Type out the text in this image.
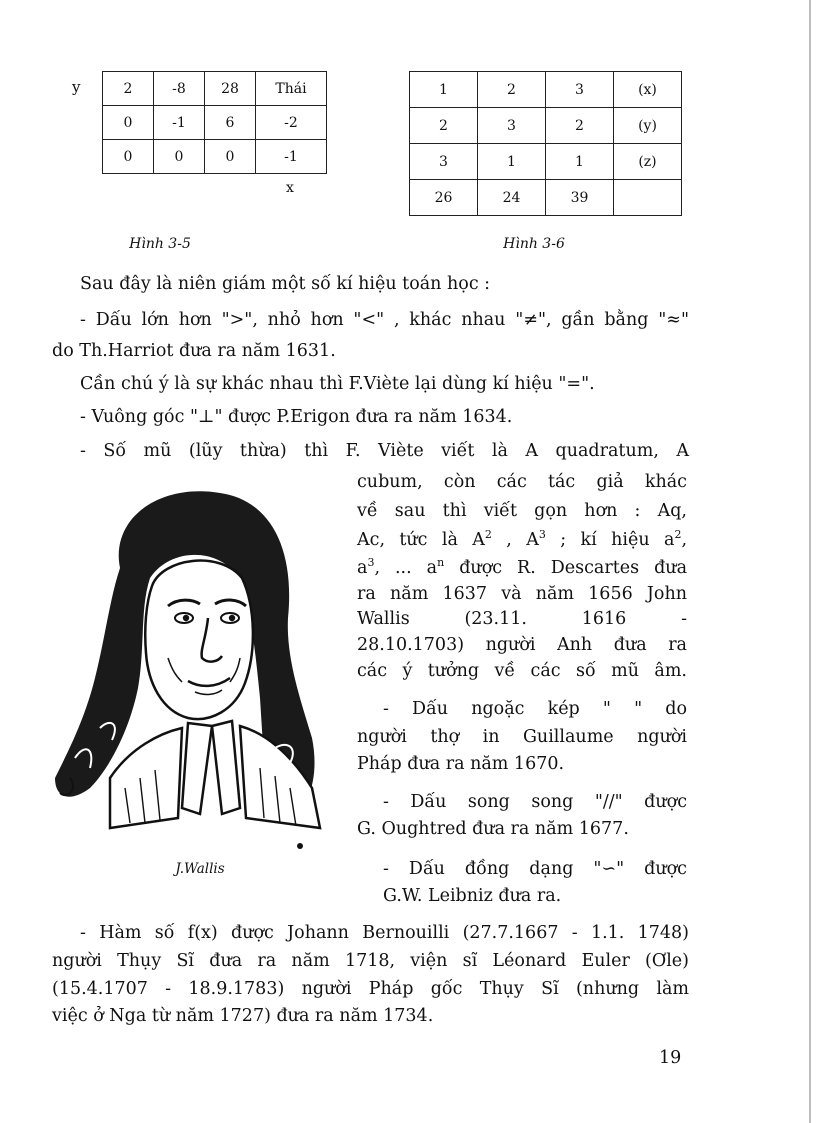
y	2	-8	28	Thái
0	-1	6	-2
0	0	0	-1
x
1	2	3	(x)
2	3	2	(y)
3	1	1	(z)
26	24	39	
Hình 3-5	Hình 3-6
Sau đây là niên giám một số kí hiệu toán học :
- Dấu lớn hơn ">", nhỏ hơn "<" , khác nhau "≠", gần bằng "≈"
do Th.Harriot đưa ra năm 1631.
Cần chú ý là sự khác nhau thì F.Viète lại dùng kí hiệu "=".
- Vuông góc "⊥" được P.Erigon đưa ra năm 1634.
- Số mũ (lũy thừa) thì F. Viète viết là A quadratum, A
cubum, còn các tác giả khác
về sau thì viết gọn hơn : Aq,
Ac, tức là $A^2$ , $A^3$ ; kí hiệu $a^2$,
$a^3$, ... $a^n$ được R. Descartes đưa
ra năm 1637 và năm 1656 John
Wallis (23.11. 1616 -
28.10.1703) người Anh đưa ra
các ý tưởng về các số mũ âm.
- Dấu ngoặc kép " " do
người thợ in Guillaume người
Pháp đưa ra năm 1670.
- Dấu song song "//" được
G. Oughtred đưa ra năm 1677.
- Dấu đồng dạng "∽" được
G.W. Leibniz đưa ra.
- Hàm số f(x) được Johann Bernouilli (27.7.1667 - 1.1. 1748)
người Thụy Sĩ đưa ra năm 1718, viện sĩ Léonard Euler (Ơle)
(15.4.1707 - 18.9.1783) người Pháp gốc Thụy Sĩ (nhưng làm
việc ở Nga từ năm 1727) đưa ra năm 1734.
J.Wallis
19
